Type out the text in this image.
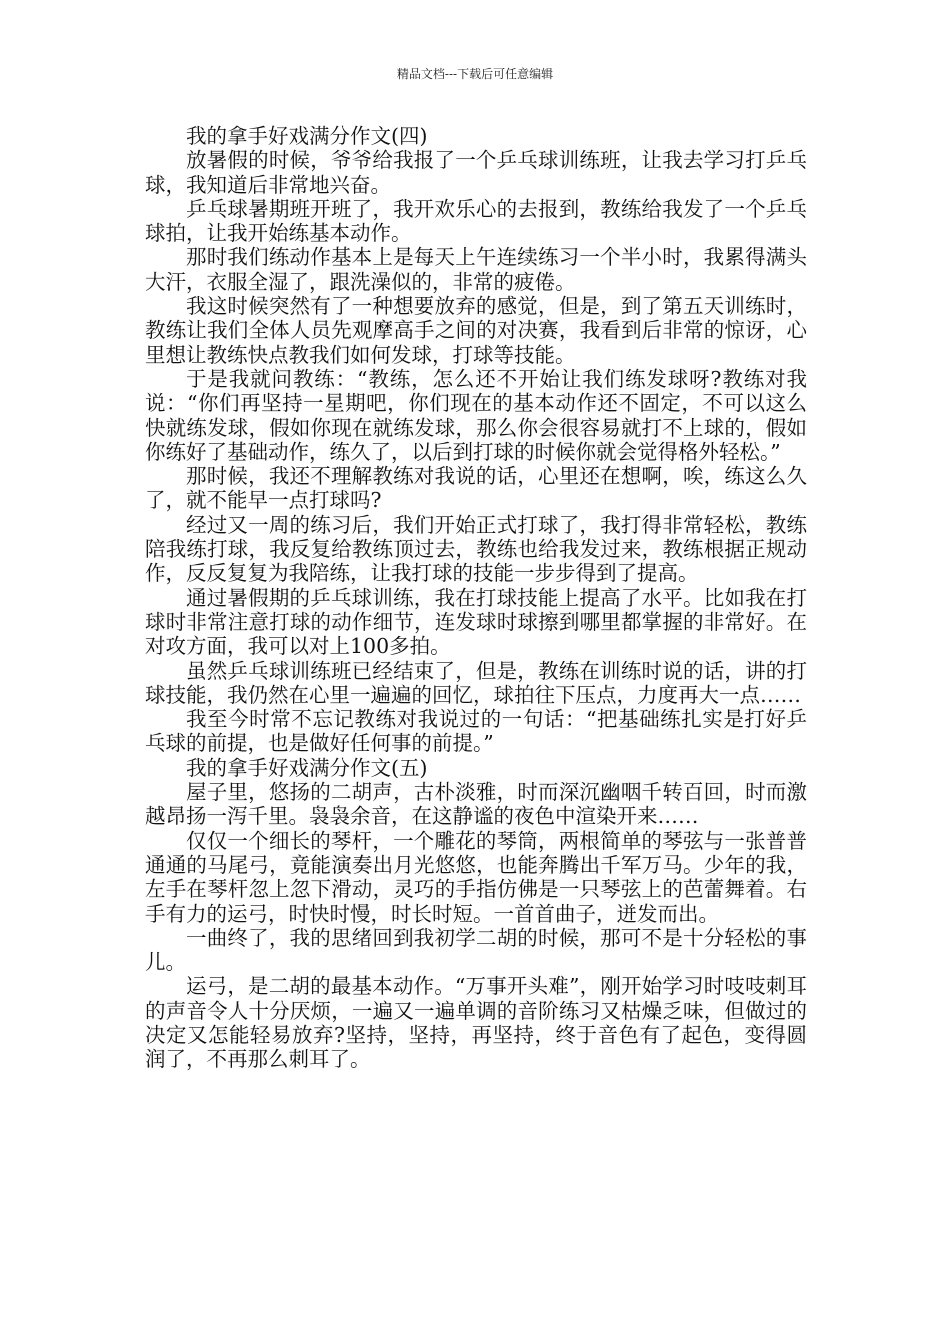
精品文档---下载后可任意编辑

我的拿手好戏满分作文(四)

放暑假的时候，爷爷给我报了一个乒乓球训练班，让我去学习打乒乓球，我知道后非常地兴奋。

乒乓球暑期班开班了，我开欢乐心的去报到，教练给我发了一个乒乓球拍，让我开始练基本动作。

那时我们练动作基本上是每天上午连续练习一个半小时，我累得满头大汗，衣服全湿了，跟洗澡似的，非常的疲倦。

我这时候突然有了一种想要放弃的感觉，但是，到了第五天训练时，教练让我们全体人员先观摩高手之间的对决赛，我看到后非常的惊讶，心里想让教练快点教我们如何发球，打球等技能。

于是我就问教练：“教练，怎么还不开始让我们练发球呀?教练对我说：“你们再坚持一星期吧，你们现在的基本动作还不固定，不可以这么快就练发球，假如你现在就练发球，那么你会很容易就打不上球的，假如你练好了基础动作，练久了，以后到打球的时候你就会觉得格外轻松。”

那时候，我还不理解教练对我说的话，心里还在想啊，唉，练这么久了，就不能早一点打球吗?

经过又一周的练习后，我们开始正式打球了，我打得非常轻松，教练陪我练打球，我反复给教练顶过去，教练也给我发过来，教练根据正规动作，反反复复为我陪练，让我打球的技能一步步得到了提高。

通过暑假期的乒乓球训练，我在打球技能上提高了水平。比如我在打球时非常注意打球的动作细节，连发球时球擦到哪里都掌握的非常好。在对攻方面，我可以对上100多拍。

虽然乒乓球训练班已经结束了，但是，教练在训练时说的话，讲的打球技能，我仍然在心里一遍遍的回忆，球拍往下压点，力度再大一点……

我至今时常不忘记教练对我说过的一句话：“把基础练扎实是打好乒乓球的前提，也是做好任何事的前提。”

我的拿手好戏满分作文(五)

屋子里，悠扬的二胡声，古朴淡雅，时而深沉幽咽千转百回，时而激越昂扬一泻千里。袅袅余音，在这静谧的夜色中渲染开来……

仅仅一个细长的琴杆，一个雕花的琴筒，两根简单的琴弦与一张普普通通的马尾弓，竟能演奏出月光悠悠，也能奔腾出千军万马。少年的我，左手在琴杆忽上忽下滑动，灵巧的手指仿佛是一只琴弦上的芭蕾舞着。右手有力的运弓，时快时慢，时长时短。一首首曲子，迸发而出。

一曲终了，我的思绪回到我初学二胡的时候，那可不是十分轻松的事儿。

运弓，是二胡的最基本动作。“万事开头难”，刚开始学习时吱吱刺耳的声音令人十分厌烦，一遍又一遍单调的音阶练习又枯燥乏味，但做过的决定又怎能轻易放弃?坚持，坚持，再坚持，终于音色有了起色，变得圆润了，不再那么刺耳了。
